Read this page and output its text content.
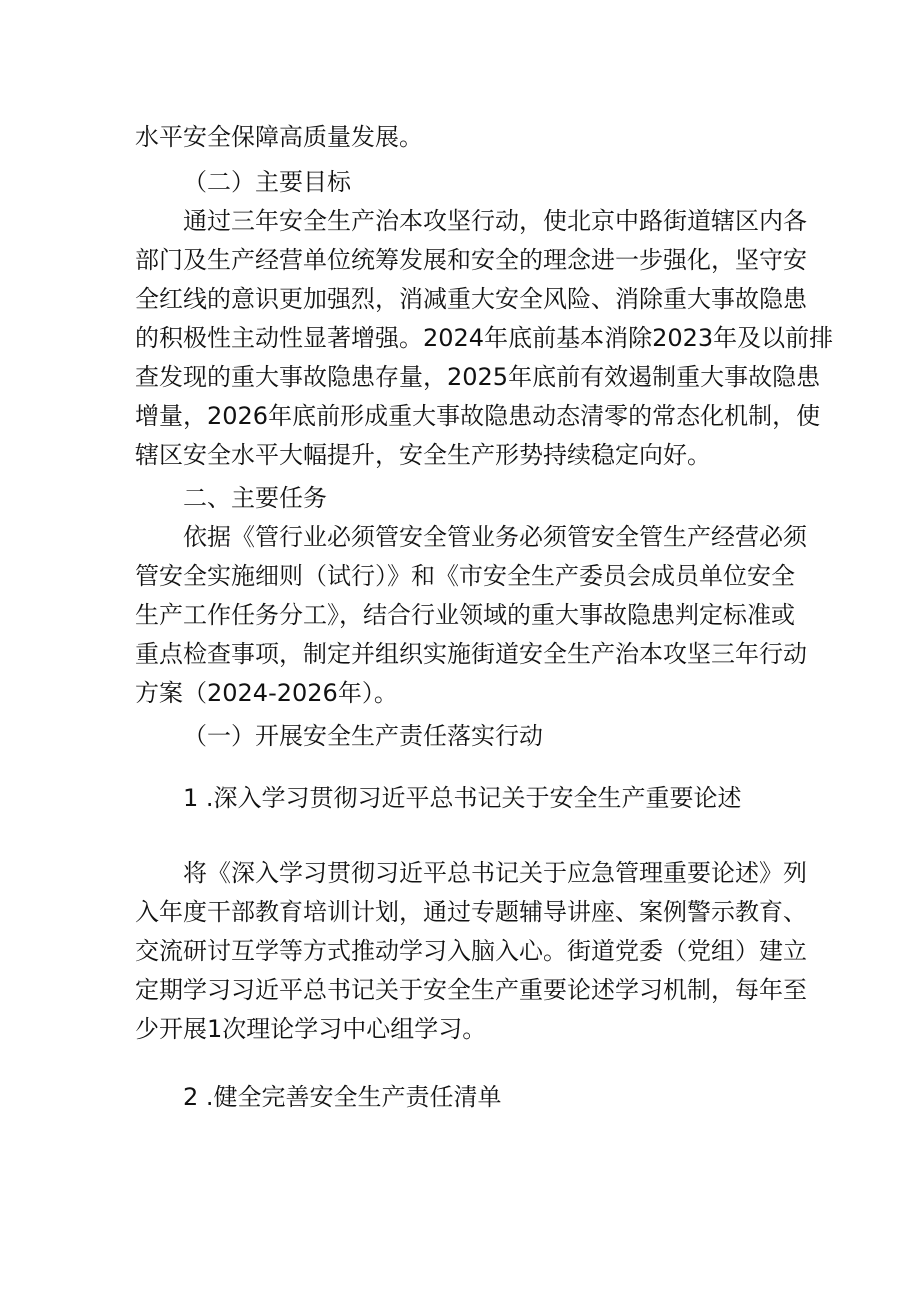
水平安全保障高质量发展。
（二）主要目标
通过三年安全生产治本攻坚行动，使北京中路街道辖区内各
部门及生产经营单位统筹发展和安全的理念进一步强化，坚守安
全红线的意识更加强烈，消减重大安全风险、消除重大事故隐患
的积极性主动性显著增强。2024年底前基本消除2023年及以前排
查发现的重大事故隐患存量，2025年底前有效遏制重大事故隐患
增量，2026年底前形成重大事故隐患动态清零的常态化机制，使
辖区安全水平大幅提升，安全生产形势持续稳定向好。
二、主要任务
依据《管行业必须管安全管业务必须管安全管生产经营必须
管安全实施细则（试行）》和《市安全生产委员会成员单位安全
生产工作任务分工》，结合行业领域的重大事故隐患判定标准或
重点检查事项，制定并组织实施街道安全生产治本攻坚三年行动
方案（2024-2026年）。
（一）开展安全生产责任落实行动
1 .深入学习贯彻习近平总书记关于安全生产重要论述
将《深入学习贯彻习近平总书记关于应急管理重要论述》列
入年度干部教育培训计划，通过专题辅导讲座、案例警示教育、
交流研讨互学等方式推动学习入脑入心。街道党委（党组）建立
定期学习习近平总书记关于安全生产重要论述学习机制，每年至
少开展1次理论学习中心组学习。
2 .健全完善安全生产责任清单
